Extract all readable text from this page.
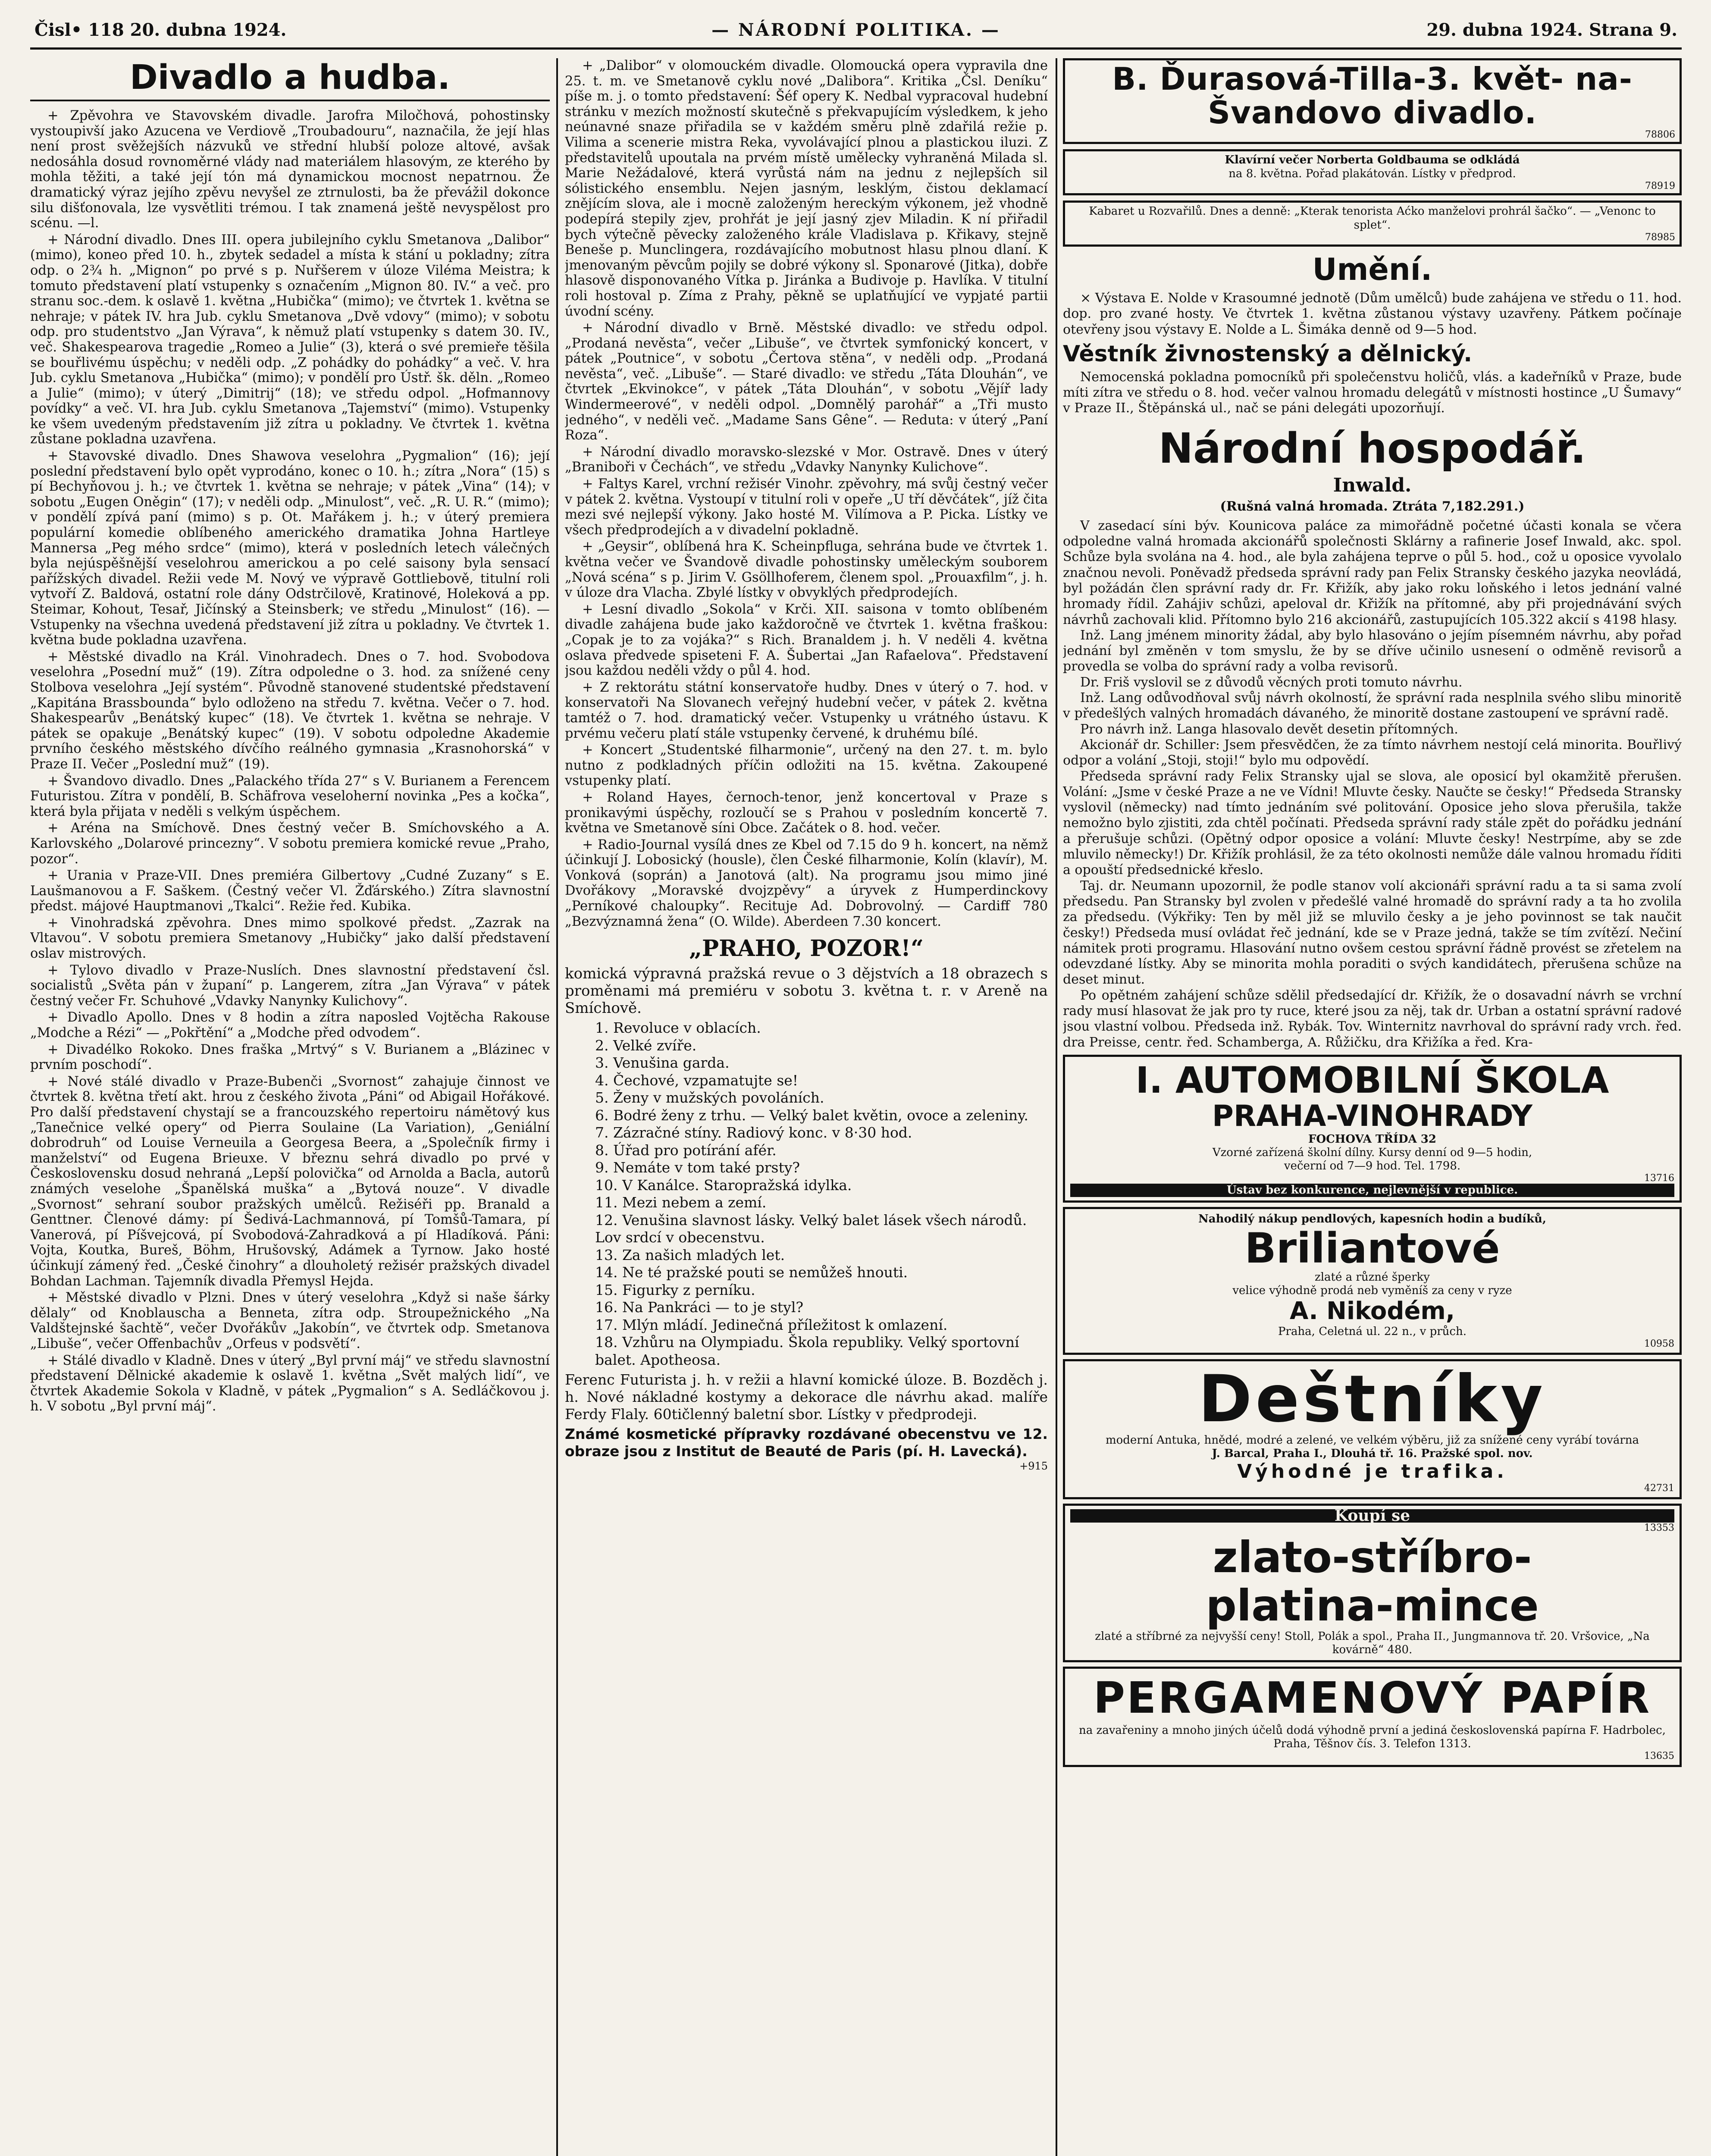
Čisl• 118 20. dubna 1924.	— NÁRODNÍ POLITIKA. —	29. dubna 1924. Strana 9.
Divadlo a hudba.

+ Zpěvohra ve Stavovském divadle. Jarofra Miločhová, pohostinsky vystoupivší jako Azucena ve Verdiově „Troubadouru“, naznačila, že její hlas není prost svěžejších názvuků ve střední hlubší poloze altové, avšak nedosáhla dosud rovnoměrné vlády nad materiálem hlasovým, ze kterého by mohla těžiti, a také její tón má dynamickou mocnost nepatrnou. Že dramatický výraz jejího zpěvu nevyšel ze ztrnulosti, ba že převážil dokonce silu dišťonovala, lze vysvětliti trémou. I tak znamená ještě nevyspělost pro scénu. —l.

+ Národní divadlo. Dnes III. opera jubilejního cyklu Smetanova „Dalibor“ (mimo), koneo před 10. h., zbytek sedadel a místa k stání u pokladny; zítra odp. o 2¾ h. „Mignon“ po prvé s p. Nuřšerem v úloze Viléma Meistra; k tomuto představení platí vstupenky s označením „Mignon 80. IV.“ a več. pro stranu soc.-dem. k oslavě 1. května „Hubička“ (mimo); ve čtvrtek 1. května se nehraje; v pátek IV. hra Jub. cyklu Smetanova „Dvě vdovy“ (mimo); v sobotu odp. pro studentstvo „Jan Výrava“, k němuž platí vstupenky s datem 30. IV., več. Shakespearova tragedie „Romeo a Julie“ (3), která o své premieře těšila se bouřlivému úspěchu; v neděli odp. „Z pohádky do pohádky“ a več. V. hra Jub. cyklu Smetanova „Hubička“ (mimo); v pondělí pro Ústř. šk. děln. „Romeo a Julie“ (mimo); v úterý „Dimitrij“ (18); ve středu odpol. „Hofmannovy povídky“ a več. VI. hra Jub. cyklu Smetanova „Tajemství“ (mimo). Vstupenky ke všem uvedeným představením již zítra u pokladny. Ve čtvrtek 1. května zůstane pokladna uzavřena.

+ Stavovské divadlo. Dnes Shawova veselohra „Pygmalion“ (16); její poslední představení bylo opět vyprodáno, konec o 10. h.; zítra „Nora“ (15) s pí Bechyňovou j. h.; ve čtvrtek 1. května se nehraje; v pátek „Vina“ (14); v sobotu „Eugen Oněgin“ (17); v neděli odp. „Minulost“, več. „R. U. R.“ (mimo); v pondělí zpívá paní (mimo) s p. Ot. Mařákem j. h.; v úterý premiera populární komedie oblíbeného amerického dramatika Johna Hartleye Mannersa „Peg mého srdce“ (mimo), která v posledních letech válečných byla nejúspěšnější veselohrou americkou a po celé saisony byla sensací pařížských divadel. Režii vede M. Nový ve výpravě Gottliebově, titulní roli vytvoří Z. Baldová, ostatní role dány Odstrčilově, Kratinové, Holeková a pp. Steimar, Kohout, Tesař, Jičínský a Steinsberk; ve středu „Minulost“ (16). — Vstupenky na všechna uvedená představení již zítra u pokladny. Ve čtvrtek 1. května bude pokladna uzavřena.

+ Městské divadlo na Král. Vinohradech. Dnes o 7. hod. Svobodova veselohra „Posední muž“ (19). Zítra odpoledne o 3. hod. za snížené ceny Stolbova veselohra „Její systém“. Původně stanovené studentské představení „Kapitána Brassbounda“ bylo odloženo na středu 7. května. Večer o 7. hod. Shakespearův „Benátský kupec“ (18). Ve čtvrtek 1. května se nehraje. V pátek se opakuje „Benátský kupec“ (19). V sobotu odpoledne Akademie prvního českého městského dívčího reálného gymnasia „Krasnohorská“ v Praze II. Večer „Poslední muž“ (19).

+ Švandovo divadlo. Dnes „Palackého třída 27“ s V. Burianem a Ferencem Futuristou. Zítra v pondělí, B. Schäfrova veseloherní novinka „Pes a kočka“, která byla přijata v neděli s velkým úspěchem.

+ Aréna na Smíchově. Dnes čestný večer B. Smíchovského a A. Karlovského „Dolarové princezny“. V sobotu premiera komické revue „Praho, pozor“.

+ Urania v Praze-VII. Dnes premiéra Gilbertovy „Cudné Zuzany“ s E. Laušmanovou a F. Saškem. (Čestný večer Vl. Žďárského.) Zítra slavnostní předst. májové Hauptmanovi „Tkalci“. Režie řed. Kubika.

+ Vinohradská zpěvohra. Dnes mimo spolkové předst. „Zazrak na Vltavou“. V sobotu premiera Smetanovy „Hubičky“ jako další představení oslav mistrových.

+ Tylovo divadlo v Praze-Nuslích. Dnes slavnostní představení čsl. socialistů „Světa pán v županí“ p. Langerem, zítra „Jan Výrava“ v pátek čestný večer Fr. Schuhové „Vdavky Nanynky Kulichovy“.

+ Divadlo Apollo. Dnes v 8 hodin a zítra naposled Vojtěcha Rakouse „Modche a Rézi“ — „Pokřtění“ a „Modche před odvodem“.

+ Divadélko Rokoko. Dnes fraška „Mrtvý“ s V. Burianem a „Blázinec v prvním poschodí“.

+ Nové stálé divadlo v Praze-Bubenči „Svornost“ zahajuje činnost ve čtvrtek 8. května třetí akt. hrou z českého života „Páni“ od Abigail Hořákové. Pro další představení chystají se a francouzského repertoiru námětový kus „Tanečnice velké opery“ od Pierra Soulaine (La Variation), „Geniální dobrodruh“ od Louise Verneuila a Georgesa Beera, a „Společník firmy i manželství“ od Eugena Brieuxe. V březnu sehrá divadlo po prvé v Československu dosud nehraná „Lepší polovička“ od Arnolda a Bacla, autorů známých veselohe „Španělská muška“ a „Bytová nouze“. V divadle „Svornost“ sehraní soubor pražských umělců. Režiséři pp. Branald a Genttner. Členové dámy: pí Šedivá-Lachmannová, pí Tomšů-Tamara, pí Vanerová, pí Píšvejcová, pí Svobodová-Zahradková a pí Hladíková. Páni: Vojta, Koutka, Bureš, Böhm, Hrušovský, Adámek a Tyrnow. Jako hosté účinkují zámený řed. „České činohry“ a dlouholetý režisér pražských divadel Bohdan Lachman. Tajemník divadla Přemysl Hejda.

+ Městské divadlo v Plzni. Dnes v úterý veselohra „Když si naše šárky dělaly“ od Knoblauscha a Benneta, zítra odp. Stroupežnického „Na Valdštejnské šachtě“, večer Dvořákův „Jakobín“, ve čtvrtek odp. Smetanova „Libuše“, večer Offenbachův „Orfeus v podsvětí“.

+ Stálé divadlo v Kladně. Dnes v úterý „Byl první máj“ ve středu slavnostní představení Dělnické akademie k oslavě 1. května „Svět malých lidí“, ve čtvrtek Akademie Sokola v Kladně, v pátek „Pygmalion“ s A. Sedláčkovou j. h. V sobotu „Byl první máj“.

+ „Dalibor“ v olomouckém divadle. Olomoucká opera vypravila dne 25. t. m. ve Smetanově cyklu nové „Dalibora“. Kritika „Čsl. Deníku“ píše m. j. o tomto představení: Šéf opery K. Nedbal vypracoval hudební stránku v mezích možností skutečně s překvapujícím výsledkem, k jeho neúnavné snaze přiřadila se v každém směru plně zdařilá režie p. Vilima a scenerie mistra Reka, vyvolávající plnou a plastickou iluzi. Z představitelů upoutala na prvém místě umělecky vyhraněná Milada sl. Marie Nežádalové, která vyrůstá nám na jednu z nejlepších sil sólistického ensemblu. Nejen jasným, lesklým, čistou deklamací znějícím slova, ale i mocně založeným hereckým výkonem, jež vhodně podepírá stepily zjev, prohřát je její jasný zjev Miladin. K ní přiřadil bych výtečně pěvecky založeného krále Vladislava p. Křikavy, stejně Beneše p. Munclingera, rozdávajícího mobutnost hlasu plnou dlaní. K jmenovaným pěvcům pojily se dobré výkony sl. Sponarové (Jitka), dobře hlasově disponovaného Vítka p. Jiránka a Budivoje p. Havlíka. V titulní roli hostoval p. Zíma z Prahy, pěkně se uplatňující ve vypjaté partii úvodní scény.

+ Národní divadlo v Brně. Městské divadlo: ve středu odpol. „Prodaná nevěsta“, večer „Libuše“, ve čtvrtek symfonický koncert, v pátek „Poutnice“, v sobotu „Čertova stěna“, v neděli odp. „Prodaná nevěsta“, več. „Libuše“. — Staré divadlo: ve středu „Táta Dlouhán“, ve čtvrtek „Ekvinokce“, v pátek „Táta Dlouhán“, v sobotu „Vějíř lady Windermeerové“, v neděli odpol. „Domnělý parohář“ a „Tři musto jedného“, v neděli več. „Madame Sans Gêne“. — Reduta: v úterý „Paní Roza“.

+ Národní divadlo moravsko-slezské v Mor. Ostravě. Dnes v úterý „Braniboři v Čechách“, ve středu „Vdavky Nanynky Kulichove“.

+ Faltys Karel, vrchní režisér Vinohr. zpěvohry, má svůj čestný večer v pátek 2. května. Vystoupí v titulní roli v opeře „U tří děvčátek“, jíž čita mezi své nejlepší výkony. Jako hosté M. Vilímova a P. Picka. Lístky ve všech předprodejích a v divadelní pokladně.

+ „Geysir“, oblíbená hra K. Scheinpfluga, sehrána bude ve čtvrtek 1. května večer ve Švandově divadle pohostinsky uměleckým souborem „Nová scéna“ s p. Jirim V. Gsöllhoferem, členem spol. „Prouaxfilm“, j. h. v úloze dra Vlacha. Zbylé lístky v obvyklých předprodejích.

+ Lesní divadlo „Sokola“ v Krči. XII. saisona v tomto oblíbeném divadle zahájena bude jako každoročně ve čtvrtek 1. května fraškou: „Copak je to za vojáka?“ s Rich. Branaldem j. h. V neděli 4. května oslava předvede spiseteni F. A. Šubertai „Jan Rafaelova“. Představení jsou každou neděli vždy o půl 4. hod.

+ Z rektorátu státní konservatoře hudby. Dnes v úterý o 7. hod. v konservatoři Na Slovanech veřejný hudební večer, v pátek 2. května tamtéž o 7. hod. dramatický večer. Vstupenky u vrátného ústavu. K prvému večeru platí stále vstupenky červené, k druhému bílé.

+ Koncert „Studentské filharmonie“, určený na den 27. t. m. bylo nutno z podkladných příčin odložiti na 15. května. Zakoupené vstupenky platí.

+ Roland Hayes, černoch-tenor, jenž koncertoval v Praze s pronikavými úspěchy, rozloučí se s Prahou v posledním koncertě 7. května ve Smetanově síni Obce. Začátek o 8. hod. večer.

+ Radio-Journal vysílá dnes ze Kbel od 7.15 do 9 h. koncert, na němž účinkují J. Lobosický (housle), člen České filharmonie, Kolín (klavír), M. Vonková (soprán) a Janotová (alt). Na programu jsou mimo jiné Dvořákovy „Moravské dvojzpěvy“ a úryvek z Humperdinckovy „Perníkové chaloupky“. Recituje Ad. Dobrovolný. — Cardiff 780 „Bezvýznamná žena“ (O. Wilde). Aberdeen 7.30 koncert.

„PRAHO, POZOR!“

komická výpravná pražská revue o 3 dějstvích a 18 obrazech s proměnami má premiéru v sobotu 3. května t. r. v Areně na Smíchově.

1. Revoluce v oblacích.
2. Velké zvíře.
3. Venušina garda.
4. Čechové, vzpamatujte se!
5. Ženy v mužských povoláních.
6. Bodré ženy z trhu. — Velký balet květin, ovoce a zeleniny.
7. Zázračné stíny. Radiový konc. v 8·30 hod.
8. Úřad pro potírání afér.
9. Nemáte v tom také prsty?
10. V Kanálce. Staropražská idylka.
11. Mezi nebem a zemí.
12. Venušina slavnost lásky. Velký balet lásek všech národů. Lov srdcí v obecenstvu.
13. Za našich mladých let.
14. Ne té pražské pouti se nemůžeš hnouti.
15. Figurky z perníku.
16. Na Pankráci — to je styl?
17. Mlýn mládí. Jedinečná příležitost k omlazení.
18. Vzhůru na Olympiadu. Škola republiky. Velký sportovní balet. Apotheosa.

Ferenc Futurista j. h. v režii a hlavní komické úloze. B. Bozděch j. h. Nové nákladné kostymy a dekorace dle návrhu akad. malíře Ferdy Flaly. 60tičlenný baletní sbor. Lístky v předprodeji.

Známé kosmetické přípravky rozdávané obecenstvu ve 12. obraze jsou z Institut de Beauté de Paris (pí. H. Lavecká).

+915
B. Ďurasová-Tilla-3. květ- na-Švandovo divadlo.
78806
Klavírní večer Norberta Goldbauma se odkládá
na 8. května. Pořad plakátován. Lístky v předprod.
78919
Kabaret u Rozvařilů. Dnes a denně: „Kterak tenorista Aćko manželovi prohrál šačko“. — „Venonc to splet“.
78985
Umění.

× Výstava E. Nolde v Krasoumné jednotě (Dům umělců) bude zahájena ve středu o 11. hod. dop. pro zvané hosty. Ve čtvrtek 1. května zůstanou výstavy uzavřeny. Pátkem počínaje otevřeny jsou výstavy E. Nolde a L. Šimáka denně od 9—5 hod.

Věstník živnostenský a dělnický.

Nemocenská pokladna pomocníků při společenstvu holičů, vlás. a kadeřníků v Praze, bude míti zítra ve středu o 8. hod. večer valnou hromadu delegátů v místnosti hostince „U Šumavy“ v Praze II., Štěpánská ul., nač se páni delegáti upozorňují.

Národní hospodář.
Inwald.
(Rušná valná hromada. Ztráta 7,182.291.)

V zasedací síni býv. Kounicova paláce za mimořádně početné účasti konala se včera odpoledne valná hromada akcionářů společnosti Sklárny a rafinerie Josef Inwald, akc. spol. Schůze byla svolána na 4. hod., ale byla zahájena teprve o půl 5. hod., což u oposice vyvolalo značnou nevoli. Poněvadž předseda správní rady pan Felix Stransky českého jazyka neovládá, byl požádán člen správní rady dr. Fr. Křižík, aby jako roku loňského i letos jednání valné hromady řídil. Zahájiv schůzi, apeloval dr. Křižík na přítomné, aby při projednávání svých návrhů zachovali klid. Přítomno bylo 216 akcionářů, zastupujících 105.322 akcií s 4198 hlasy.

Inž. Lang jménem minority žádal, aby bylo hlasováno o jejím písemném návrhu, aby pořad jednání byl změněn v tom smyslu, že by se dříve učinilo usnesení o odměně revisorů a provedla se volba do správní rady a volba revisorů.

Dr. Friš vyslovil se z důvodů věcných proti tomuto návrhu.

Inž. Lang odůvodňoval svůj návrh okolností, že správní rada nesplnila svého slibu minoritě v předešlých valných hromadách dávaného, že minoritě dostane zastoupení ve správní radě.

Pro návrh inž. Langa hlasovalo devět desetin přítomných.

Akcionář dr. Schiller: Jsem přesvědčen, že za tímto návrhem nestojí celá minorita. Bouřlivý odpor a volání „Stoji, stoji!“ bylo mu odpovědí.

Předseda správní rady Felix Stransky ujal se slova, ale oposicí byl okamžitě přerušen. Volání: „Jsme v české Praze a ne ve Vídni! Mluvte česky. Naučte se česky!“ Předseda Stransky vyslovil (německy) nad tímto jednáním své politování. Oposice jeho slova přerušila, takže nemožno bylo zjistiti, zda chtěl počínati. Předseda správní rady stále zpět do pořádku jednání a přerušuje schůzi. (Opětný odpor oposice a volání: Mluvte česky! Nestrpíme, aby se zde mluvilo německy!) Dr. Křižík prohlásil, že za této okolnosti nemůže dále valnou hromadu říditi a opouští předsednické křeslo.

Taj. dr. Neumann upozornil, že podle stanov volí akcionáři správní radu a ta si sama zvolí předsedu. Pan Stransky byl zvolen v předešlé valné hromadě do správní rady a ta ho zvolila za předsedu. (Výkřiky: Ten by měl již se mluvilo česky a je jeho povinnost se tak naučit česky!) Předseda musí ovládat řeč jednání, kde se v Praze jedná, takže se tím zvítězí. Nečiní námitek proti programu. Hlasování nutno ovšem cestou správní řádně provést se zřetelem na odevzdané lístky. Aby se minorita mohla poraditi o svých kandidátech, přerušena schůze na deset minut.

Po opětném zahájení schůze sdělil předsedající dr. Křižík, že o dosavadní návrh se vrchní rady musí hlasovat že jak pro ty ruce, které jsou za něj, tak dr. Urban a ostatní správní radové jsou vlastní volbou. Předseda inž. Rybák. Tov. Winternitz navrhoval do správní rady vrch. řed. dra Preisse, centr. řed. Schamberga, A. Růžičku, dra Křižíka a řed. Kra-

I. AUTOMOBILNÍ ŠKOLA
PRAHA-VINOHRADY
FOCHOVA TŘÍDA 32
Vzorné zařízená školní dílny. Kursy denní od 9—5 hodin,
večerní od 7—9 hod. Tel. 1798.
13716
Ústav bez konkurence, nejlevnější v republice.
Nahodilý nákup pendlových, kapesních hodin a budíků,
Briliantové
zlaté a různé šperky
velice výhodně prodá neb vyměníš za ceny v ryze
A. Nikodém,
Praha, Celetná ul. 22 n., v průch.
10958
Deštníky
moderní Antuka, hnědé, modré a zelené, ve velkém výběru, již za snížené ceny vyrábí továrna
J. Barcal, Praha I., Dlouhá tř. 16. Pražské spol. nov.
Výhodné je trafika.
42731
Koupí se
13353
zlato-stříbro-
platina-mince
zlaté a stříbrné za nejvyšší ceny! Stoll, Polák a spol., Praha II., Jungmannova tř. 20. Vršovice, „Na kovárně“ 480.
PERGAMENOVÝ PAPÍR
na zavařeniny a mnoho jiných účelů dodá výhodně první a jediná československá papírna F. Hadrbolec, Praha, Těšnov čís. 3. Telefon 1313.
13635
